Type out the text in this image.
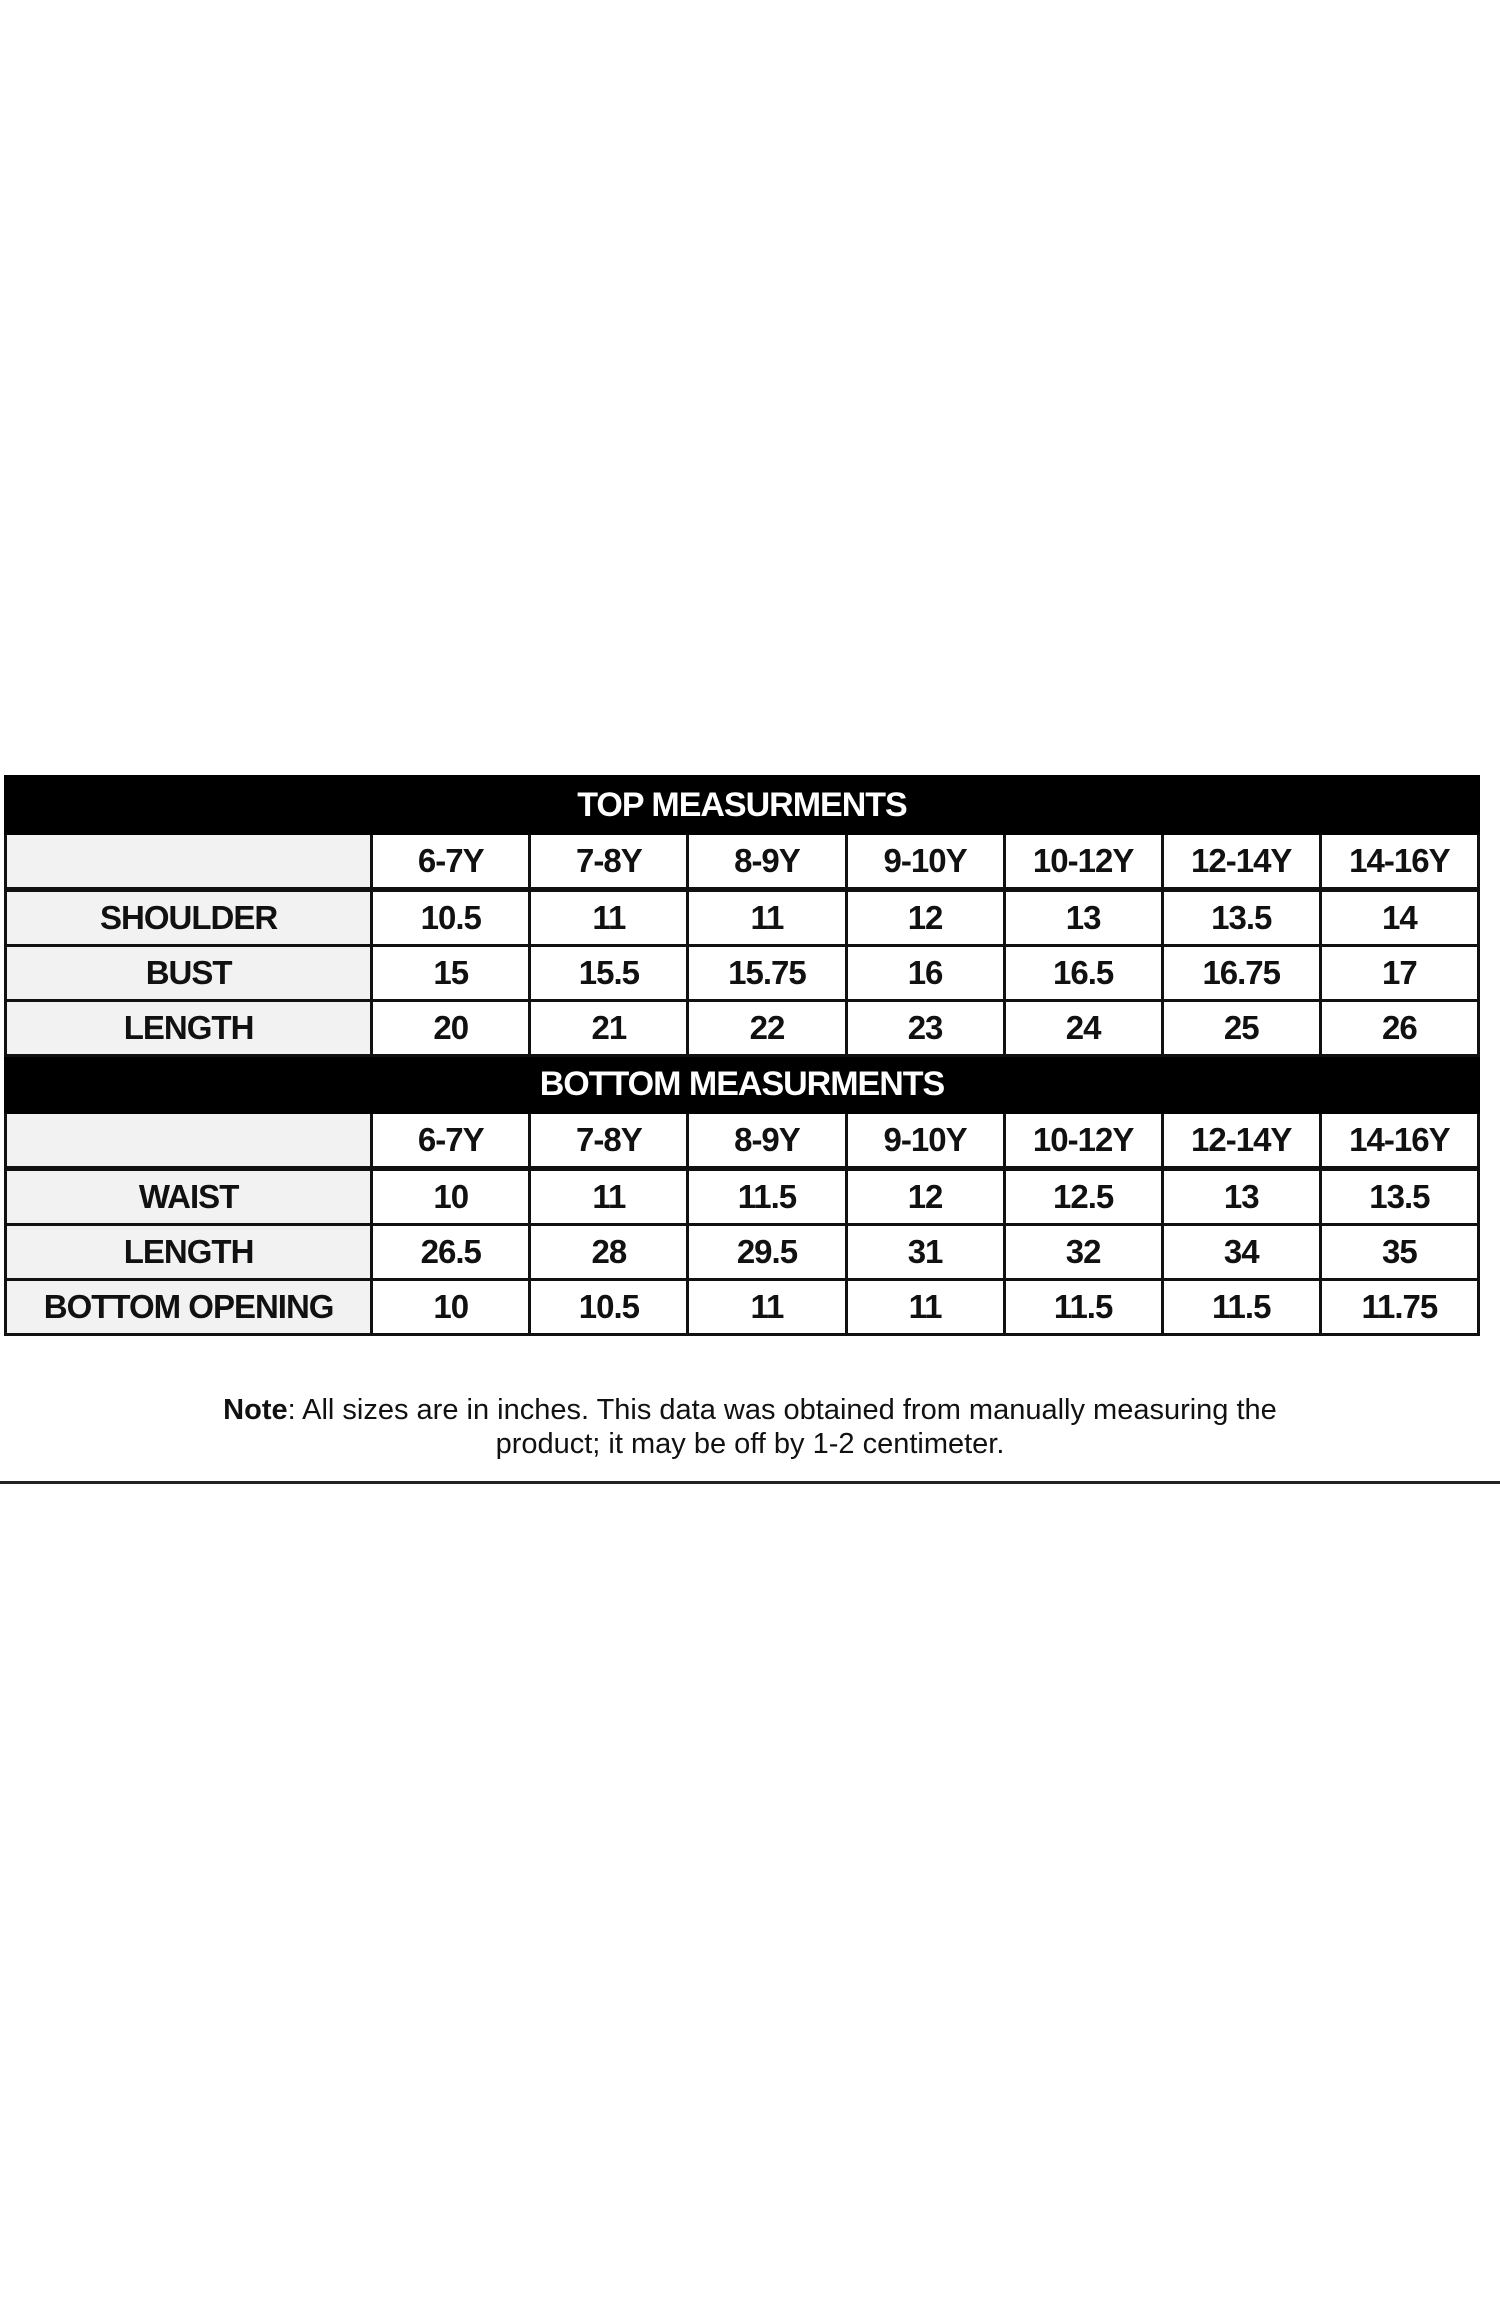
TOP MEASURMENTS							
	6-7Y	7-8Y	8-9Y	9-10Y	10-12Y	12-14Y	14-16Y
SHOULDER	10.5	11	11	12	13	13.5	14
BUST	15	15.5	15.75	16	16.5	16.75	17
LENGTH	20	21	22	23	24	25	26
BOTTOM MEASURMENTS							
	6-7Y	7-8Y	8-9Y	9-10Y	10-12Y	12-14Y	14-16Y
WAIST	10	11	11.5	12	12.5	13	13.5
LENGTH	26.5	28	29.5	31	32	34	35
BOTTOM OPENING	10	10.5	11	11	11.5	11.5	11.75
Note: All sizes are in inches. This data was obtained from manually measuring the
product; it may be off by 1-2 centimeter.
